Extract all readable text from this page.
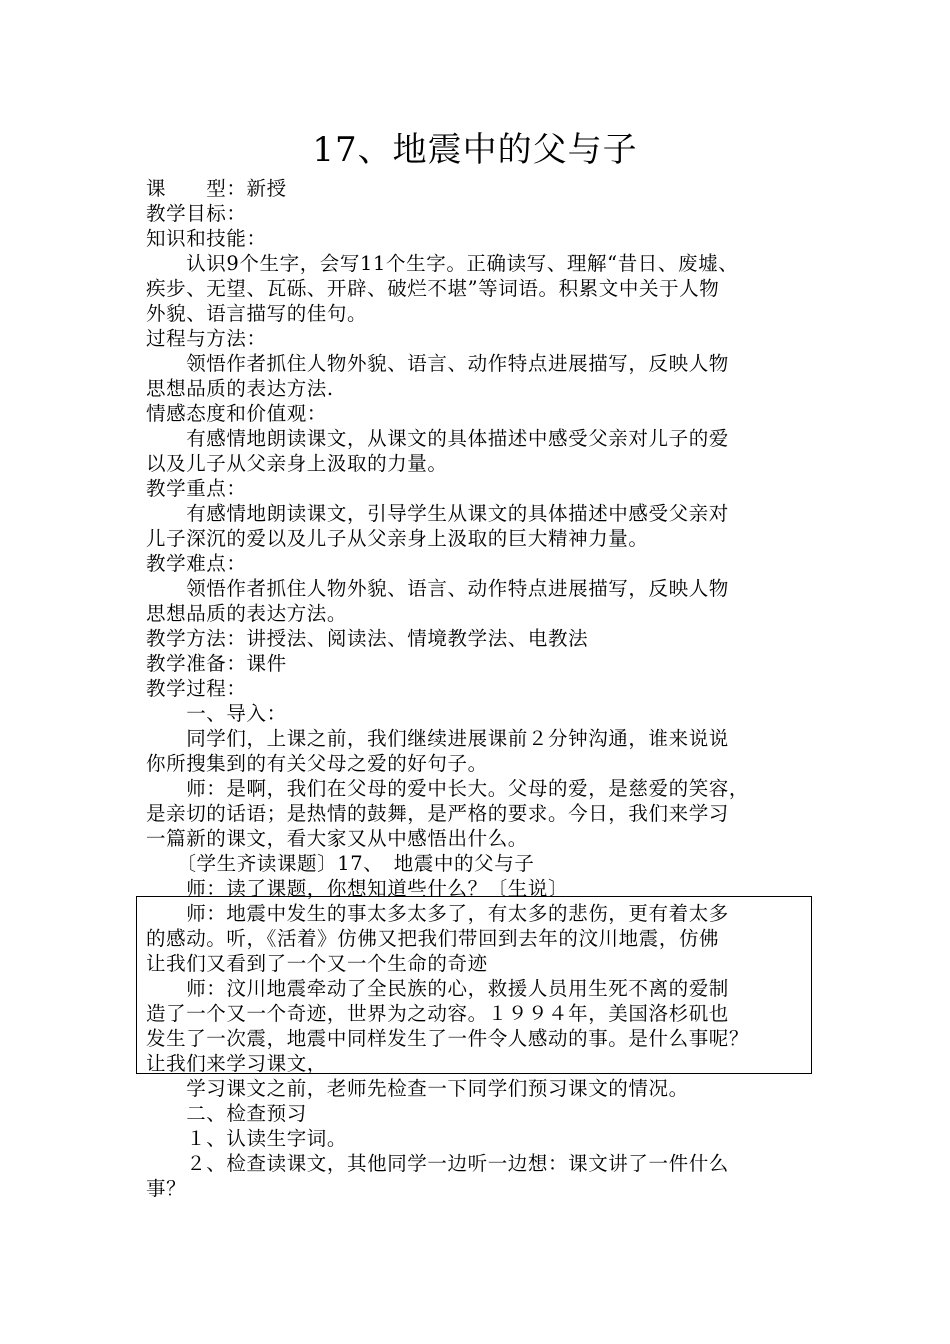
17、地震中的父与子
课　　型：新授
教学目标：
知识和技能：
　　认识9个生字，会写11个生字。正确读写、理解“昔日、废墟、
疾步、无望、瓦砾、开辟、破烂不堪”等词语。积累文中关于人物
外貌、语言描写的佳句。
过程与方法：
　　领悟作者抓住人物外貌、语言、动作特点进展描写，反映人物
思想品质的表达方法.
情感态度和价值观：
　　有感情地朗读课文，从课文的具体描述中感受父亲对儿子的爱
以及儿子从父亲身上汲取的力量。
教学重点：
　　有感情地朗读课文，引导学生从课文的具体描述中感受父亲对
儿子深沉的爱以及儿子从父亲身上汲取的巨大精神力量。
教学难点：
　　领悟作者抓住人物外貌、语言、动作特点进展描写，反映人物
思想品质的表达方法。
教学方法：讲授法、阅读法、情境教学法、电教法
教学准备：课件
教学过程：
　　一、导入：
　　同学们，上课之前，我们继续进展课前２分钟沟通，谁来说说
你所搜集到的有关父母之爱的好句子。
　　师：是啊，我们在父母的爱中长大。父母的爱，是慈爱的笑容，
是亲切的话语；是热情的鼓舞，是严格的要求。今日，我们来学习
一篇新的课文，看大家又从中感悟出什么。
　　〔学生齐读课题〕17、　地震中的父与子
　　师：读了课题，你想知道些什么？〔生说〕
　　师：地震中发生的事太多太多了，有太多的悲伤，更有着太多
的感动。听，《活着》仿佛又把我们带回到去年的汶川地震，仿佛
让我们又看到了一个又一个生命的奇迹
　　师：汶川地震牵动了全民族的心，救援人员用生死不离的爱制
造了一个又一个奇迹，世界为之动容。１９９４年，美国洛杉矶也
发生了一次震，地震中同样发生了一件令人感动的事。是什么事呢？
让我们来学习课文，
　　学习课文之前，老师先检查一下同学们预习课文的情况。
　　二、检查预习
　　１、认读生字词。
　　２、检查读课文，其他同学一边听一边想：课文讲了一件什么
事？
